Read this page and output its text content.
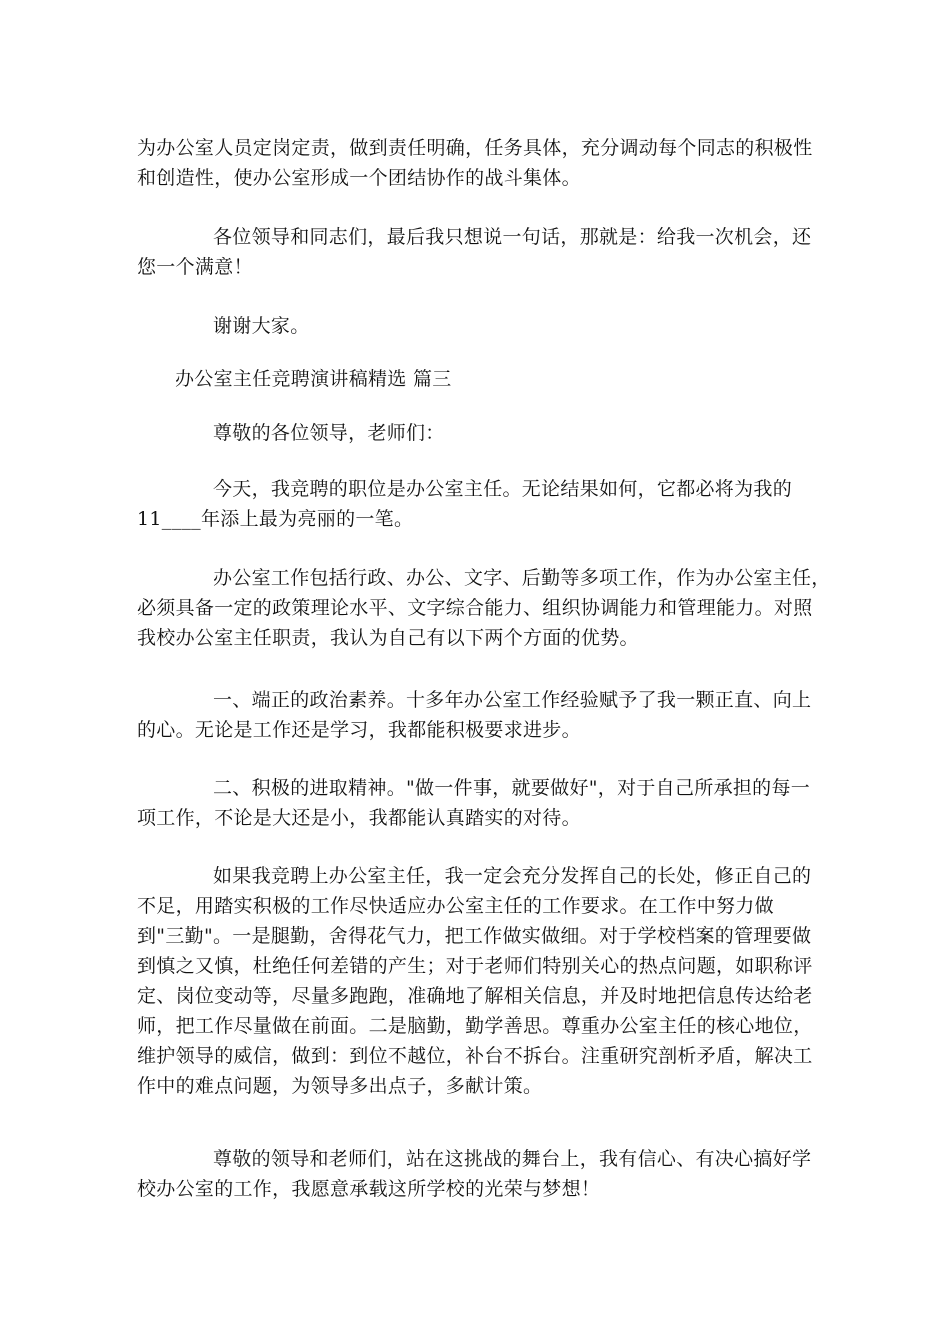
为办公室人员定岗定责，做到责任明确，任务具体，充分调动每个同志的积极性
和创造性，使办公室形成一个团结协作的战斗集体。
各位领导和同志们，最后我只想说一句话，那就是：给我一次机会，还
您一个满意！
谢谢大家。
办公室主任竞聘演讲稿精选 篇三
尊敬的各位领导，老师们：
今天，我竞聘的职位是办公室主任。无论结果如何，它都必将为我的
11____年添上最为亮丽的一笔。
办公室工作包括行政、办公、文字、后勤等多项工作，作为办公室主任，
必须具备一定的政策理论水平、文字综合能力、组织协调能力和管理能力。对照
我校办公室主任职责，我认为自己有以下两个方面的优势。
一、端正的政治素养。十多年办公室工作经验赋予了我一颗正直、向上
的心。无论是工作还是学习，我都能积极要求进步。
二、积极的进取精神。"做一件事，就要做好"，对于自己所承担的每一
项工作，不论是大还是小，我都能认真踏实的对待。
如果我竞聘上办公室主任，我一定会充分发挥自己的长处，修正自己的
不足，用踏实积极的工作尽快适应办公室主任的工作要求。在工作中努力做
到"三勤"。一是腿勤，舍得花气力，把工作做实做细。对于学校档案的管理要做
到慎之又慎，杜绝任何差错的产生；对于老师们特别关心的热点问题，如职称评
定、岗位变动等，尽量多跑跑，准确地了解相关信息，并及时地把信息传达给老
师，把工作尽量做在前面。二是脑勤，勤学善思。尊重办公室主任的核心地位，
维护领导的威信，做到：到位不越位，补台不拆台。注重研究剖析矛盾，解决工
作中的难点问题，为领导多出点子，多献计策。
尊敬的领导和老师们，站在这挑战的舞台上，我有信心、有决心搞好学
校办公室的工作，我愿意承载这所学校的光荣与梦想！
